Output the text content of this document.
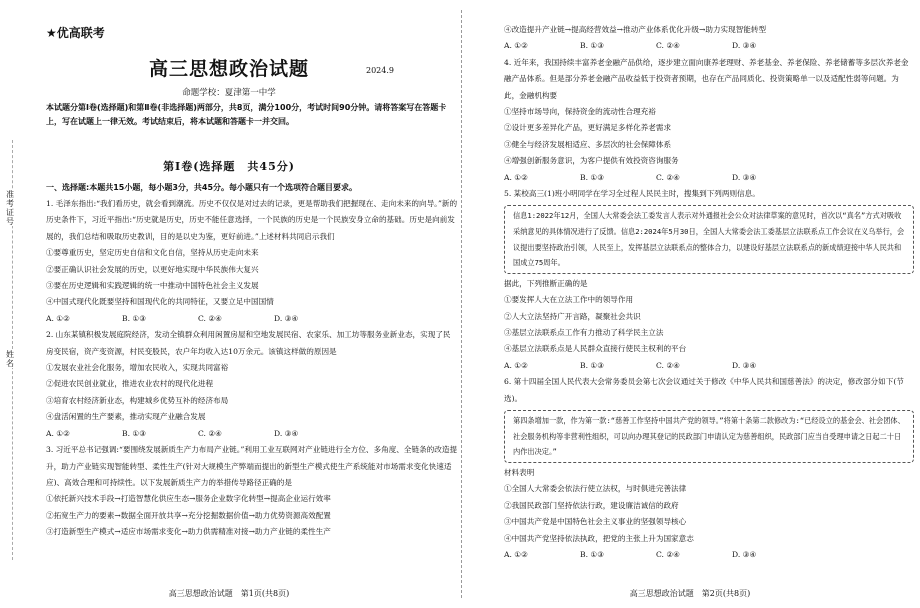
准考证号
姓名
★优高联考
高三思想政治试题	2024.9
命题学校：夏津第一中学
本试题分第Ⅰ卷(选择题)和第Ⅱ卷(非选择题)两部分，共8页，满分100分，考试时间90分钟。请将答案写在答题卡上，写在试题上一律无效。考试结束后，将本试题和答题卡一并交回。
第Ⅰ卷(选择题　共45分)
一、选择题:本题共15小题，每小题3分，共45分。每小题只有一个选项符合题目要求。

1. 毛泽东指出:“我们看历史，就会看到潮流。历史不仅仅是对过去的记录，更是帮助我们把握现在、走向未来的向导。”新的历史条件下，习近平指出:“历史就是历史，历史不能任意选择，一个民族的历史是一个民族安身立命的基础。历史是向前发展的，我们总结和吸取历史教训，目的是以史为鉴，更好前进。”上述材料共同启示我们

①要尊重历史，坚定历史自信和文化自信，坚持从历史走向未来

②要正确认识社会发展的历史，以更好地实现中华民族伟大复兴

③要在历史逻辑和实践逻辑的统一中推动中国特色社会主义发展

④中国式现代化既要坚持和国现代化的共同特征，又要立足中国国情

A. ①②	B. ①③	C. ②④	D. ③④

2. 山东某镇积极发展庭院经济，发动全镇群众利用闲置房屋和空地发展民宿、农家乐、加工坊等服务业新业态，实现了民房变民宿，资产变资源，村民变股民，农户年均收入达10万余元。该镇这样做的原因是

①发展农业社会化服务，增加农民收入，实现共同富裕

②促进农民创业就业，推进农业农村的现代化进程

③培育农村经济新业态，构建城乡优势互补的经济布局

④盘活闲置的生产要素，推动实现产业融合发展

A. ①②	B. ①③	C. ②④	D. ③④

3. 习近平总书记强调:“要围绕发展新质生产力布局产业链。”利用工业互联网对产业链进行全方位、多角度、全链条的改造提升，助力产业链实现智能转型、柔性生产(针对大规模生产弊端而提出的新型生产模式使生产系统能对市场需求变化快速适应)、高效合理和可持续性。以下发展新质生产力的举措传导路径正确的是

①依托新兴技术手段→打造智慧化供应生态→服务企业数字化转型→提高企业运行效率

②拓宽生产力的要素→数据全面开放共享→充分挖掘数据价值→助力优势资源高效配置

③打造新型生产模式→适应市场需求变化→助力供需精准对接→助力产业链的柔性生产

高三思想政治试题　第1页(共8页)

④改造提升产业链→提高经营效益→推动产业体系优化升级→助力实现智能转型

A. ①②	B. ①③	C. ②④	D. ③④

4. 近年来，我国持续丰富养老金融产品供给，逐步建立面向康养老理财、养老基金、养老保险、养老储蓄等多层次养老金融产品体系。但是部分养老金融产品收益低于投资者预期，也存在产品同质化、投资策略单一以及适配性弱等问题。为此，金融机构要

①坚持市场导向，保持资金的流动性合理充裕

②设计更多差异化产品，更好满足多样化养老需求

③健全与经济发展相适应、多层次的社会保障体系

④增强创新服务意识，为客户提供有效投资咨询服务

A. ①②	B. ①③	C. ②④	D. ③④

5. 某校高三(1)班小明同学在学习全过程人民民主时，搜集到下列两则信息。

信息1:2022年12月，全国人大常委会法工委发言人表示对外通报社会公众对法律草案的意见时，首次以“真名”方式对吸收采纳意见的具体情况进行了反馈。信息2:2024年5月30日，全国人大常委会法工委基层立法联系点工作会议在义乌举行，会议提出要坚持政治引领，人民至上，发挥基层立法联系点的整体合力，以建设好基层立法联系点的新成绩迎接中华人民共和国成立75周年。

据此，下列推断正确的是

①要发挥人大在立法工作中的领导作用

②人大立法坚持广开言路，凝聚社会共识

③基层立法联系点工作有力推动了科学民主立法

④基层立法联系点是人民群众直接行使民主权利的平台

A. ①②	B. ①③	C. ②④	D. ③④

6. 第十四届全国人民代表大会常务委员会第七次会议通过关于修改《中华人民共和国慈善法》的决定，修改部分如下(节选)。

第四条增加一款，作为第一款:“慈善工作坚持中国共产党的领导。”将第十条第二款修改为:“已经设立的基金会、社会团体、社会服务机构等非营利性组织，可以向办理其登记的民政部门申请认定为慈善组织，民政部门应当自受理申请之日起二十日内作出决定。”

材料表明

①全国人大常委会依法行使立法权，与时俱进完善法律

②我国民政部门坚持依法行政，建设廉洁诚信的政府

③中国共产党是中国特色社会主义事业的坚强领导核心

④中国共产党坚持依法执政，把党的主张上升为国家意志

A. ①②	B. ①③	C. ②④	D. ③④
高三思想政治试题　第2页(共8页)
